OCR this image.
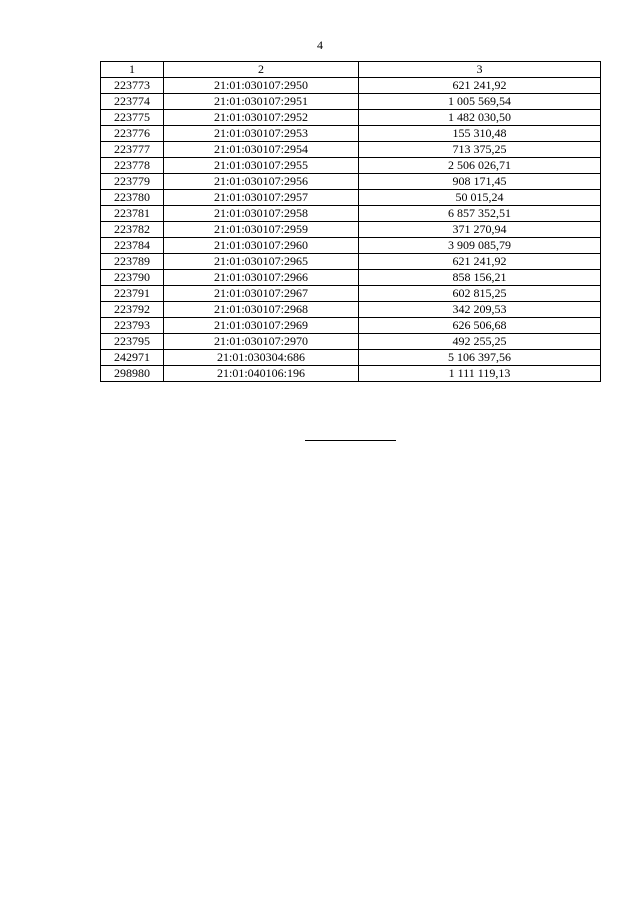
4
1	2	3
223773	21:01:030107:2950	621 241,92
223774	21:01:030107:2951	1 005 569,54
223775	21:01:030107:2952	1 482 030,50
223776	21:01:030107:2953	155 310,48
223777	21:01:030107:2954	713 375,25
223778	21:01:030107:2955	2 506 026,71
223779	21:01:030107:2956	908 171,45
223780	21:01:030107:2957	50 015,24
223781	21:01:030107:2958	6 857 352,51
223782	21:01:030107:2959	371 270,94
223784	21:01:030107:2960	3 909 085,79
223789	21:01:030107:2965	621 241,92
223790	21:01:030107:2966	858 156,21
223791	21:01:030107:2967	602 815,25
223792	21:01:030107:2968	342 209,53
223793	21:01:030107:2969	626 506,68
223795	21:01:030107:2970	492 255,25
242971	21:01:030304:686	5 106 397,56
298980	21:01:040106:196	1 111 119,13
